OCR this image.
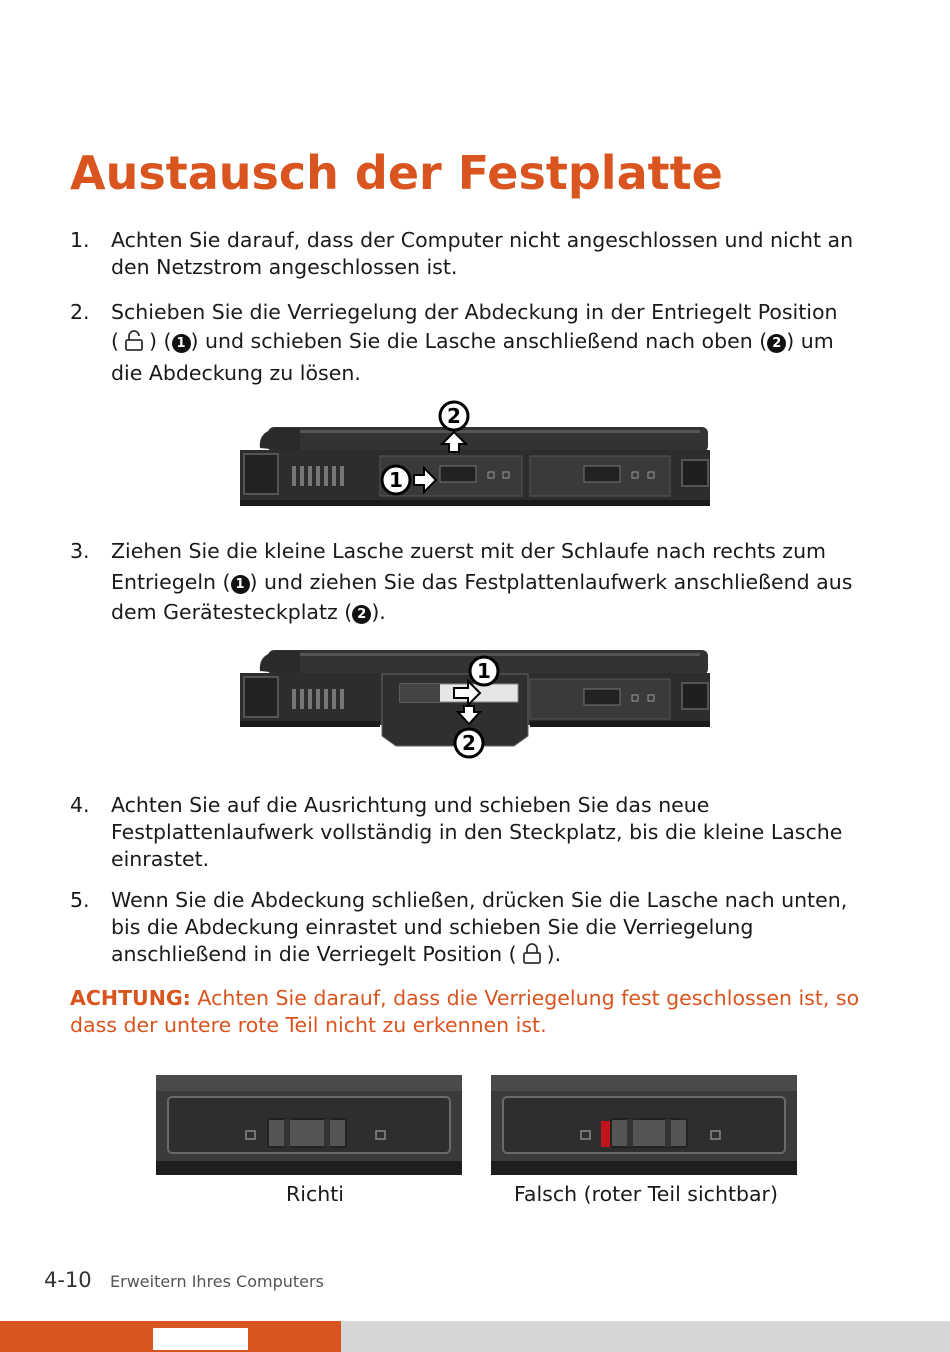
Austausch der Festplatte
1. Achten Sie darauf, dass der Computer nicht angeschlossen und nicht an
den Netzstrom angeschlossen ist.
2. Schieben Sie die Verriegelung der Abdeckung in der Entriegelt Position
( ) ( 1 ) und schieben Sie die Lasche anschließend nach oben ( 2 ) um
die Abdeckung zu lösen.
2
1
3. Ziehen Sie die kleine Lasche zuerst mit der Schlaufe nach rechts zum
Entriegeln ( 1 ) und ziehen Sie das Festplattenlaufwerk anschließend aus
dem Gerätesteckplatz ( 2 ).
1
2
4. Achten Sie auf die Ausrichtung und schieben Sie das neue
Festplattenlaufwerk vollständig in den Steckplatz, bis die kleine Lasche
einrastet.
5. Wenn Sie die Abdeckung schließen, drücken Sie die Lasche nach unten,
bis die Abdeckung einrastet und schieben Sie die Verriegelung
anschließend in die Verriegelt Position ( ).
ACHTUNG: Achten Sie darauf, dass die Verriegelung fest geschlossen ist, so
dass der untere rote Teil nicht zu erkennen ist.
Richti	Falsch (roter Teil sichtbar)
4-10 Erweitern Ihres Computers
